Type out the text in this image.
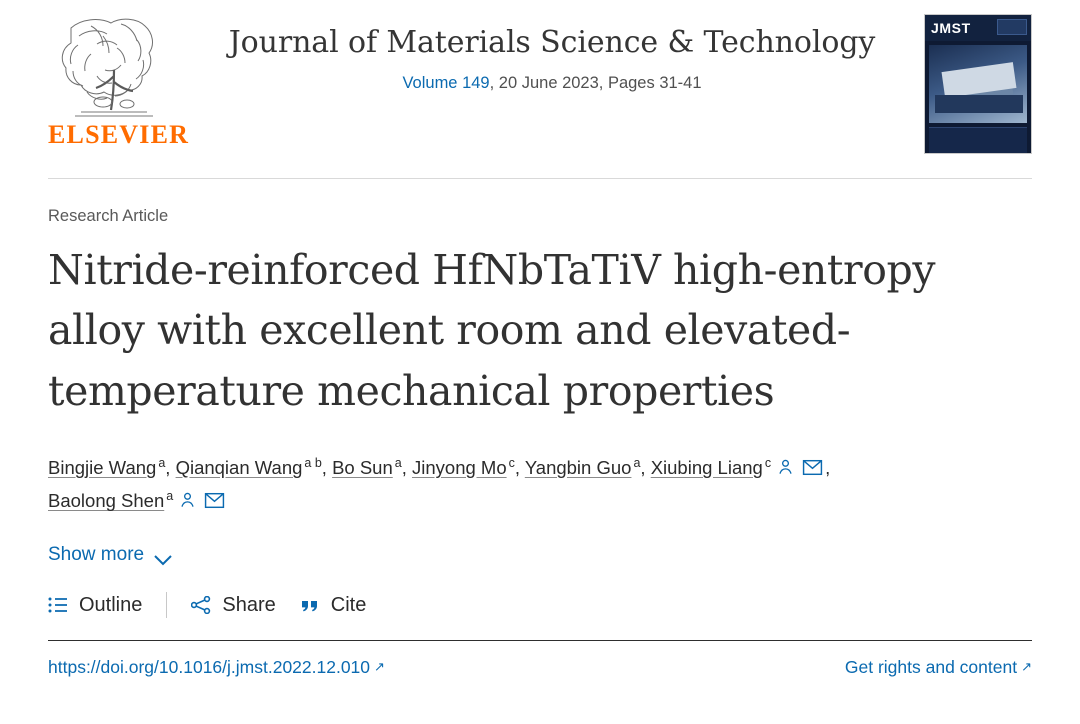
ELSEVIER
Journal of Materials Science & Technology
Volume 149, 20 June 2023, Pages 31-41
JMST
Research Article
Nitride-reinforced HfNbTaTiV high-entropy alloy with excellent room and elevated-temperature mechanical properties
Bingjie Wang $^a$, Qianqian Wang $^{a b}$, Bo Sun $^a$, Jinyong Mo $^c$, Yangbin Guo $^a$, Xiubing Liang $^c$	,
Baolong Shen $^a$
Show more
Outline	Share	Cite
https://doi.org/10.1016/j.jmst.2022.12.010 ↗	Get rights and content ↗
